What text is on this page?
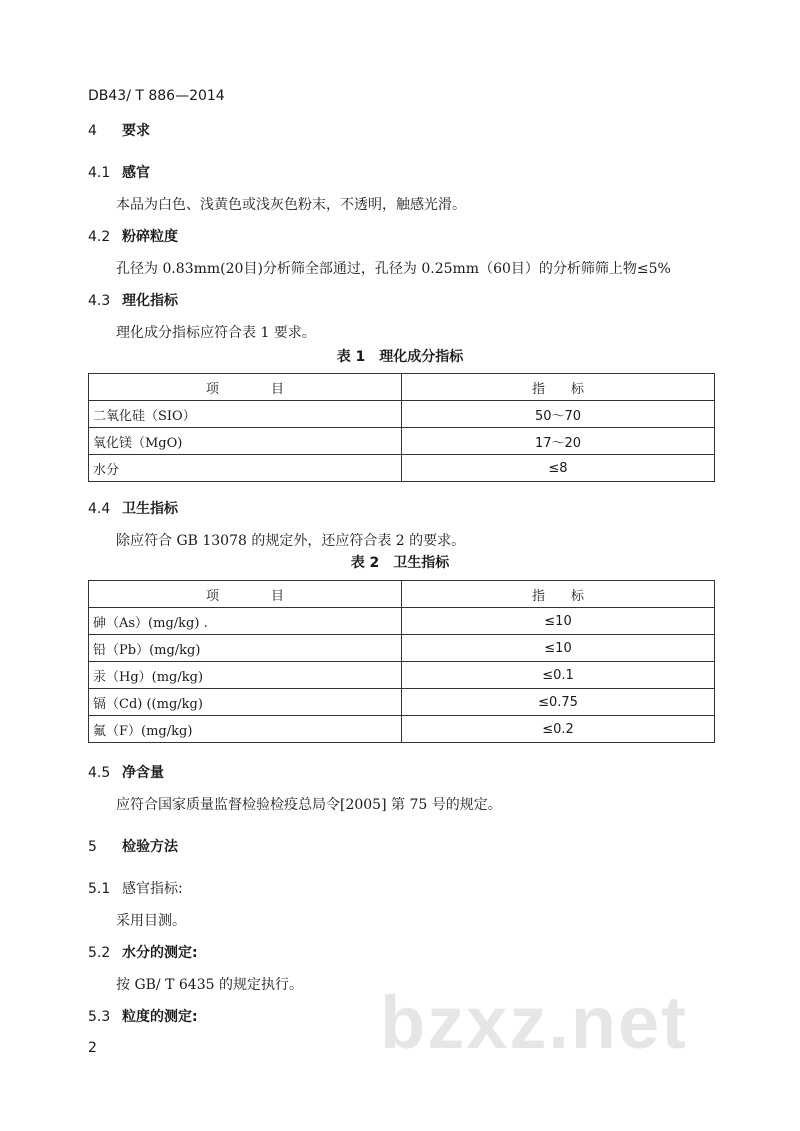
DB43/ T 886—2014
4 要求
4.1 感官
本品为白色、浅黄色或浅灰色粉末，不透明，触感光滑。
4.2 粉碎粒度
孔径为 0.83mm(20目)分析筛全部通过，孔径为 0.25mm（60目）的分析筛筛上物≤5%
4.3 理化指标
理化成分指标应符合表 1 要求。
表 1　理化成分指标
项　　　　目	指　　标
二氧化硅（SIO）	50～70
氧化镁（MgO)	17～20
水分	≤8
4.4 卫生指标
除应符合 GB 13078 的规定外，还应符合表 2 的要求。
表 2　卫生指标
项　　　　目	指　　标
砷（As）(mg/kg) .	≤10
铅（Pb）(mg/kg)	≤10
汞（Hg）(mg/kg)	≤0.1
镉（Cd) ((mg/kg)	≤0.75
氟（F）(mg/kg)	≤0.2
4.5 净含量
应符合国家质量监督检验检疫总局令[2005] 第 75 号的规定。
5 检验方法
5.1 感官指标:
采用目测。
5.2 水分的测定:
按 GB/ T 6435 的规定执行。
5.3 粒度的测定: bzxz.net
2
